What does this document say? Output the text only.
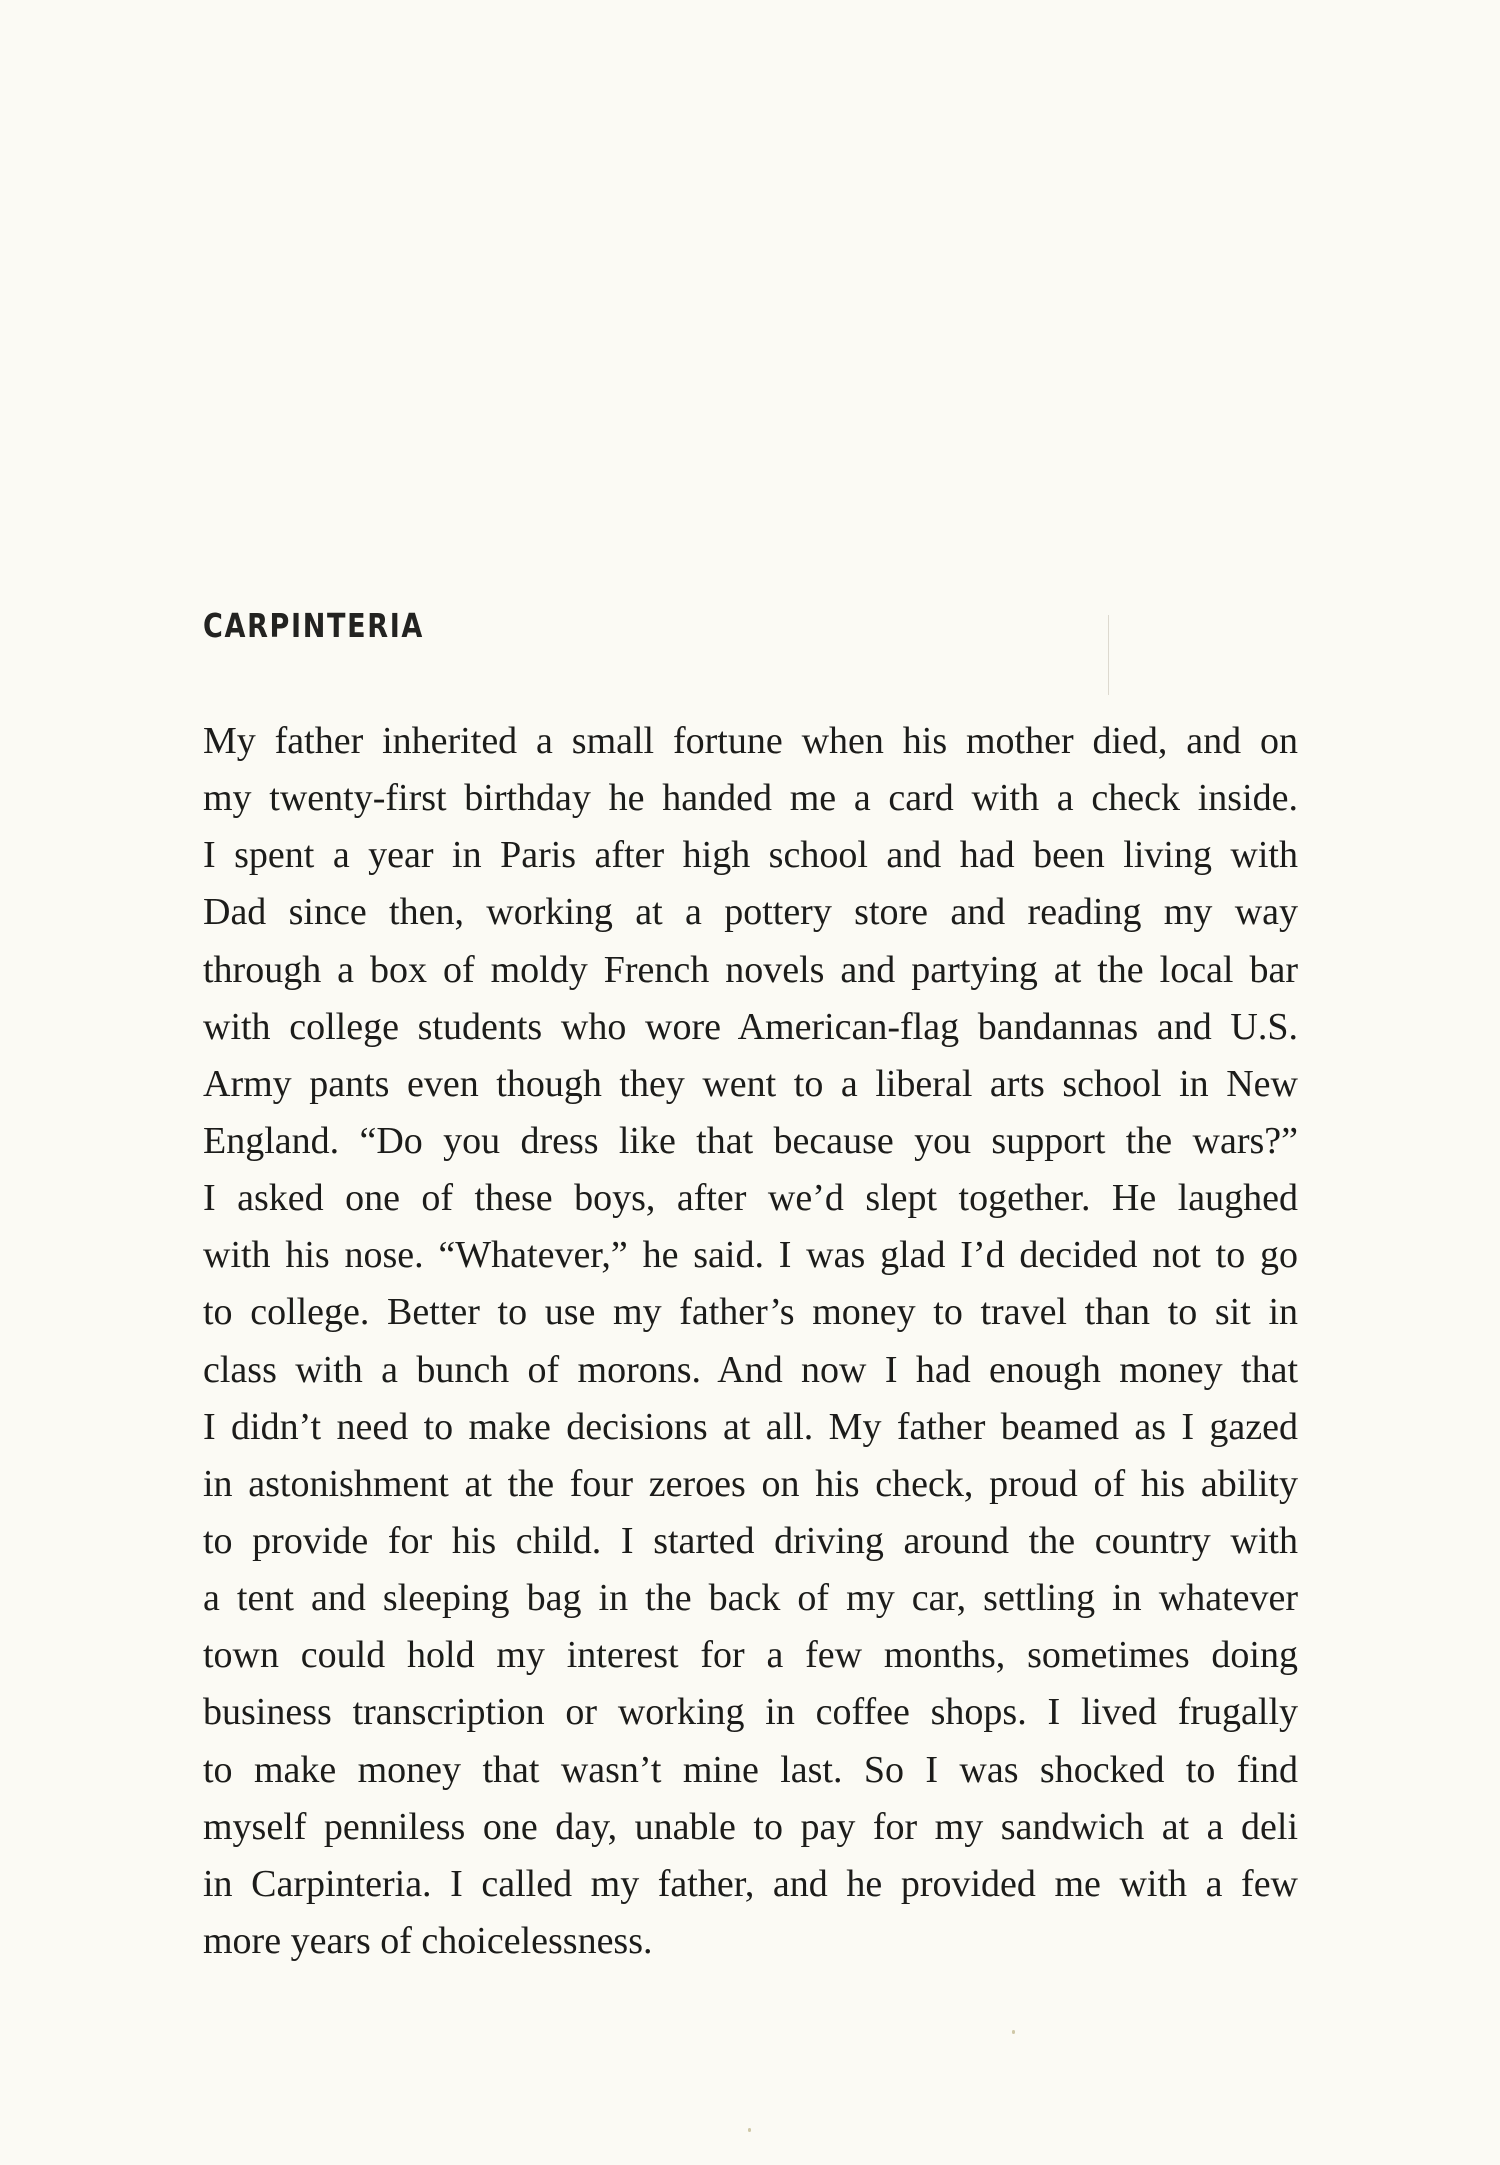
CARPINTERIA
My father inherited a small fortune when his mother died, and on
my twenty-first birthday he handed me a card with a check inside.
I spent a year in Paris after high school and had been living with
Dad since then, working at a pottery store and reading my way
through a box of moldy French novels and partying at the local bar
with college students who wore American-flag bandannas and U.S.
Army pants even though they went to a liberal arts school in New
England. “Do you dress like that because you support the wars?”
I asked one of these boys, after we’d slept together. He laughed
with his nose. “Whatever,” he said. I was glad I’d decided not to go
to college. Better to use my father’s money to travel than to sit in
class with a bunch of morons. And now I had enough money that
I didn’t need to make decisions at all. My father beamed as I gazed
in astonishment at the four zeroes on his check, proud of his ability
to provide for his child. I started driving around the country with
a tent and sleeping bag in the back of my car, settling in whatever
town could hold my interest for a few months, sometimes doing
business transcription or working in coffee shops. I lived frugally
to make money that wasn’t mine last. So I was shocked to find
myself penniless one day, unable to pay for my sandwich at a deli
in Carpinteria. I called my father, and he provided me with a few
more years of choicelessness.
